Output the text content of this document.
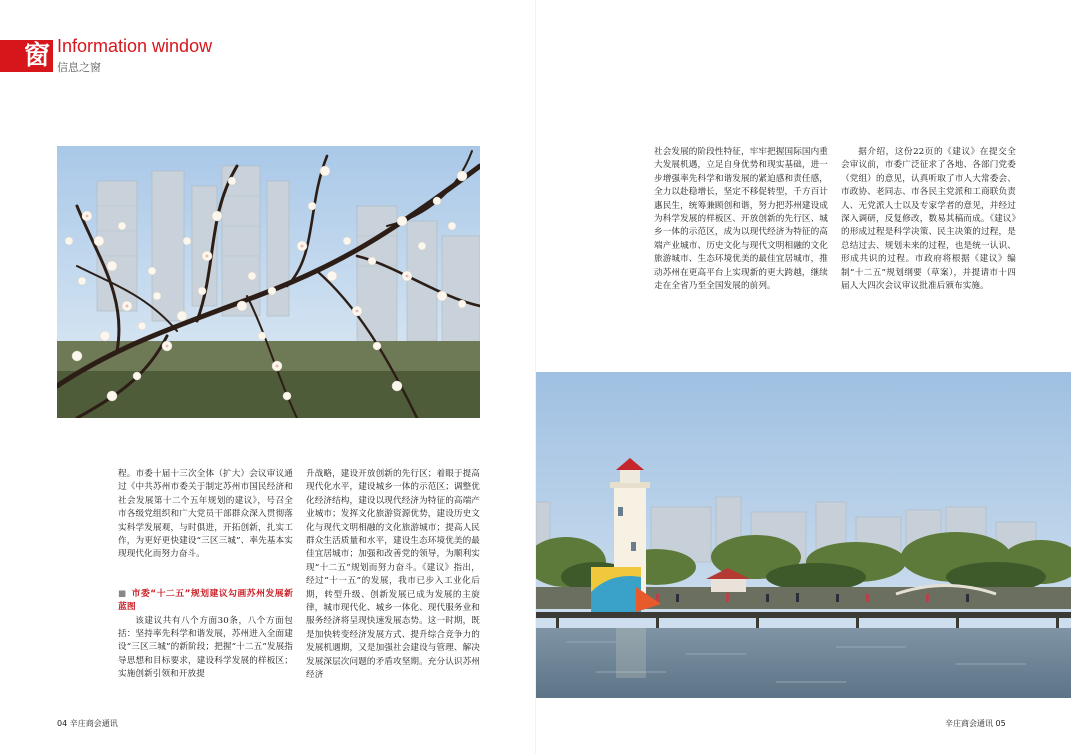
窗 Information window
信息之窗

程。市委十届十三次全体（扩大）会议审议通过《中共苏州市委关于制定苏州市国民经济和社会发展第十二个五年规划的建议》，号召全市各级党组织和广大党员干部群众深入贯彻落实科学发展观，与时俱进，开拓创新，扎实工作，为更好更快建设“三区三城”、率先基本实现现代化而努力奋斗。

■ 市委“十二五”规划建议勾画苏州发展新蓝图

该建议共有八个方面30条，八个方面包括：坚持率先科学和谐发展，苏州进入全面建设“三区三城”的新阶段；把握“十二五”发展指导思想和目标要求，建设科学发展的样板区；实施创新引领和开放提

升战略，建设开放创新的先行区；着眼于提高现代化水平，建设城乡一体的示范区；调整优化经济结构，建设以现代经济为特征的高端产业城市；发挥文化旅游资源优势，建设历史文化与现代文明相融的文化旅游城市；提高人民群众生活质量和水平，建设生态环境优美的最佳宜居城市；加强和改善党的领导，为顺利实现“十二五”规划而努力奋斗。《建议》指出，经过“十一五”的发展，我市已步入工业化后期，转型升级、创新发展已成为发展的主旋律，城市现代化、城乡一体化、现代服务业和服务经济将呈现快速发展态势。这一时期，既是加快转变经济发展方式、提升综合竞争力的发展机遇期，又是加强社会建设与管理、解决发展深层次问题的矛盾攻坚期。充分认识苏州经济

社会发展的阶段性特征，牢牢把握国际国内重大发展机遇，立足自身优势和现实基础，进一步增强率先科学和谐发展的紧迫感和责任感，全力以赴稳增长，坚定不移促转型，千方百计惠民生，统筹兼顾创和谐，努力把苏州建设成为科学发展的样板区、开放创新的先行区、城乡一体的示范区，成为以现代经济为特征的高端产业城市、历史文化与现代文明相融的文化旅游城市、生态环境优美的最佳宜居城市，推动苏州在更高平台上实现新的更大跨越，继续走在全省乃至全国发展的前列。

据介绍，这份22页的《建议》在提交全会审议前，市委广泛征求了各地、各部门党委（党组）的意见，认真听取了市人大常委会、市政协、老同志、市各民主党派和工商联负责人、无党派人士以及专家学者的意见，并经过深入调研，反复修改，数易其稿而成。《建议》的形成过程是科学决策、民主决策的过程，是总结过去、规划未来的过程，也是统一认识、形成共识的过程。市政府将根据《建议》编制“十二五”规划纲要（草案），并提请市十四届人大四次会议审议批准后颁布实施。

04 辛庄商会通讯	辛庄商会通讯 05
